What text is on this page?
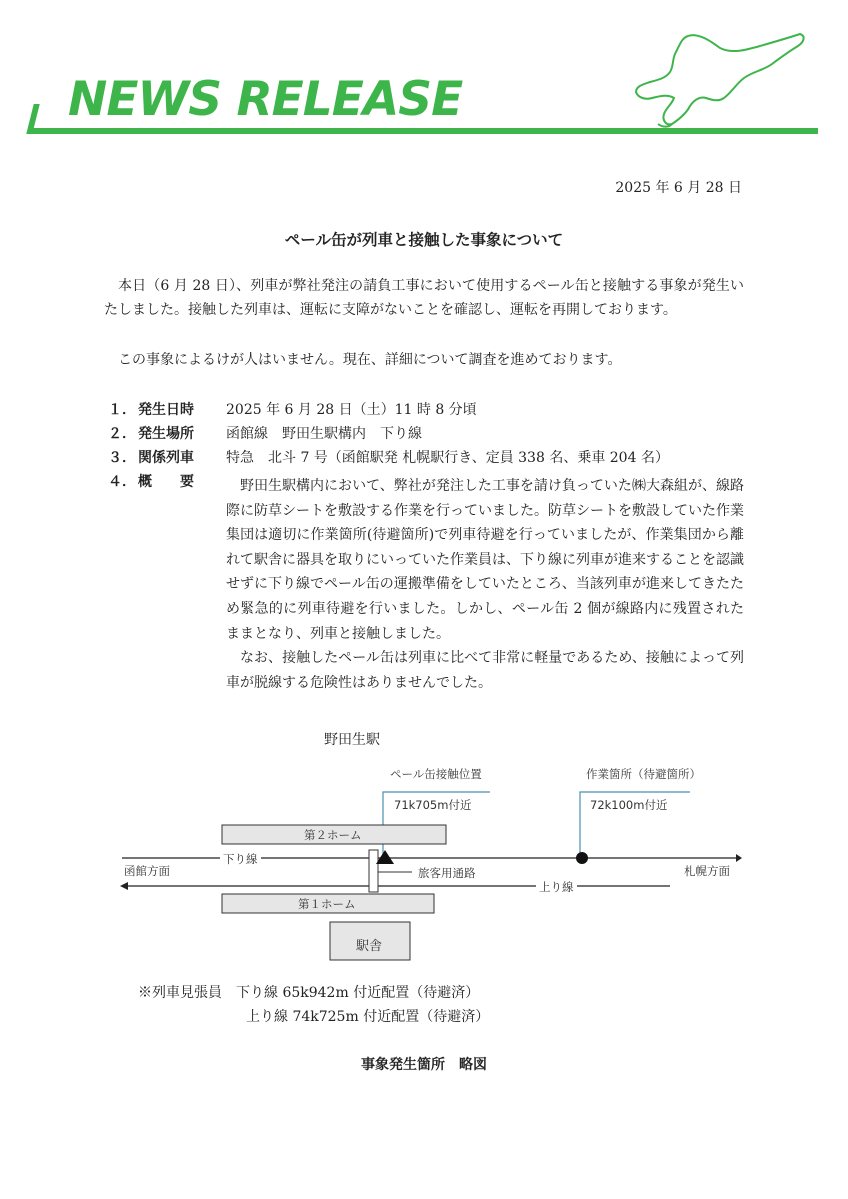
NEWS RELEASE
2025 年 6 月 28 日
ペール缶が列車と接触した事象について
本日（6 月 28 日）、列車が弊社発注の請負工事において使用するペール缶と接触する事象が発生いたしました。接触した列車は、運転に支障がないことを確認し、運転を再開しております。
この事象によるけが人はいません。現在、詳細について調査を進めております。
１． 発生日時 2025 年 6 月 28 日（土）11 時 8 分頃
２． 発生場所 函館線　野田生駅構内　下り線
３． 関係列車 特急　北斗 7 号（函館駅発 札幌駅行き、定員 338 名、乗車 204 名）
４． 概　　要	野田生駅構内において、弊社が発注した工事を請け負っていた㈱大森組が、線路際に防草シートを敷設する作業を行っていました。防草シートを敷設していた作業集団は適切に作業箇所(待避箇所)で列車待避を行っていましたが、作業集団から離れて駅舎に器具を取りにいっていた作業員は、下り線に列車が進来することを認識せずに下り線でペール缶の運搬準備をしていたところ、当該列車が進来してきたため緊急的に列車待避を行いました。しかし、ペール缶 2 個が線路内に残置されたままとなり、列車と接触しました。

なお、接触したペール缶は列車に比べて非常に軽量であるため、接触によって列車が脱線する危険性はありませんでした。

野田生駅
ペール缶接触位置
71k705m付近
作業箇所（待避箇所）
72k100m付近
第２ホーム
第１ホーム
下り線
上り線
函館方面	札幌方面
旅客用通路
駅舎
※列車見張員　下り線 65k942m 付近配置（待避済）
上り線 74k725m 付近配置（待避済）
事象発生箇所　略図
